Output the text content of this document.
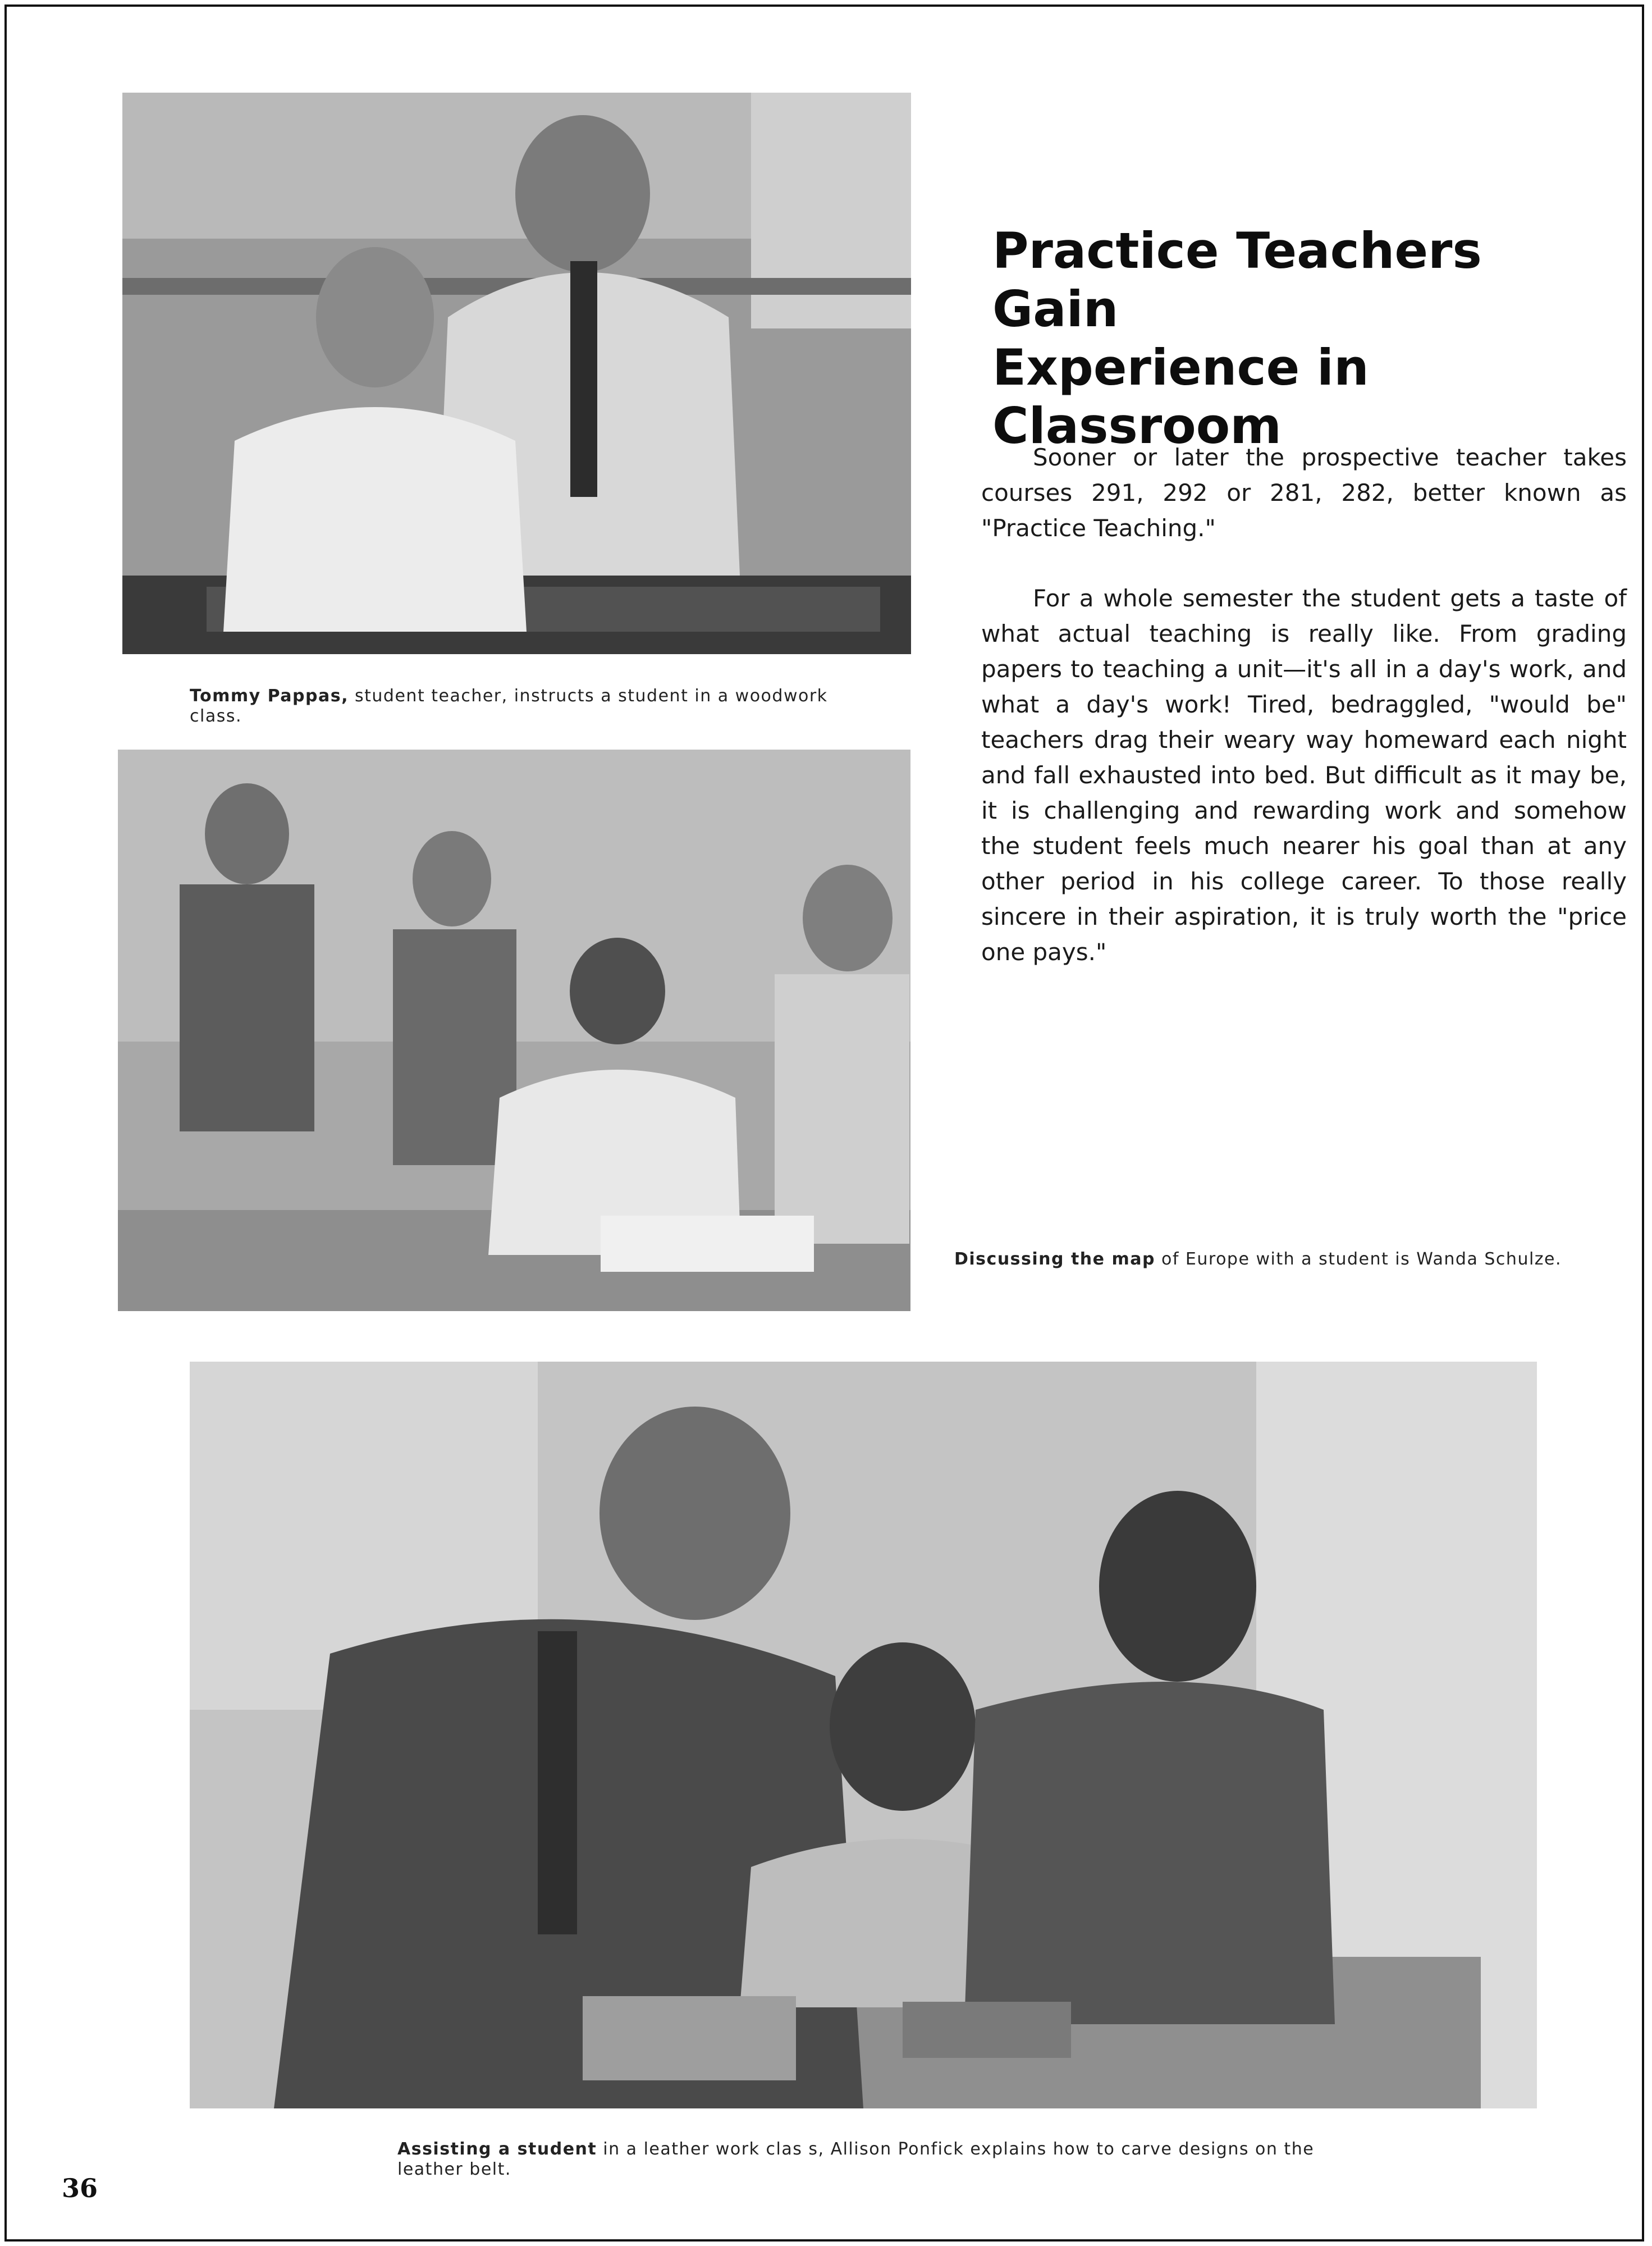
Tommy Pappas, student teacher, instructs a student in a woodwork class.
Discussing the map of Europe with a student is Wanda Schulze.
Assisting a student in a leather work clas s, Allison Ponfick explains how to carve designs on the leather belt.
Practice Teachers Gain
Experience in Classroom

Sooner or later the prospective teacher takes courses 291, 292 or 281, 282, better known as "Practice Teaching."

For a whole semester the student gets a taste of what actual teaching is really like. From grading papers to teaching a unit—it's all in a day's work, and what a day's work! Tired, bedraggled, "would be" teachers drag their weary way homeward each night and fall exhausted into bed. But difficult as it may be, it is challenging and rewarding work and somehow the student feels much nearer his goal than at any other period in his college career. To those really sincere in their aspiration, it is truly worth the "price one pays."

36
